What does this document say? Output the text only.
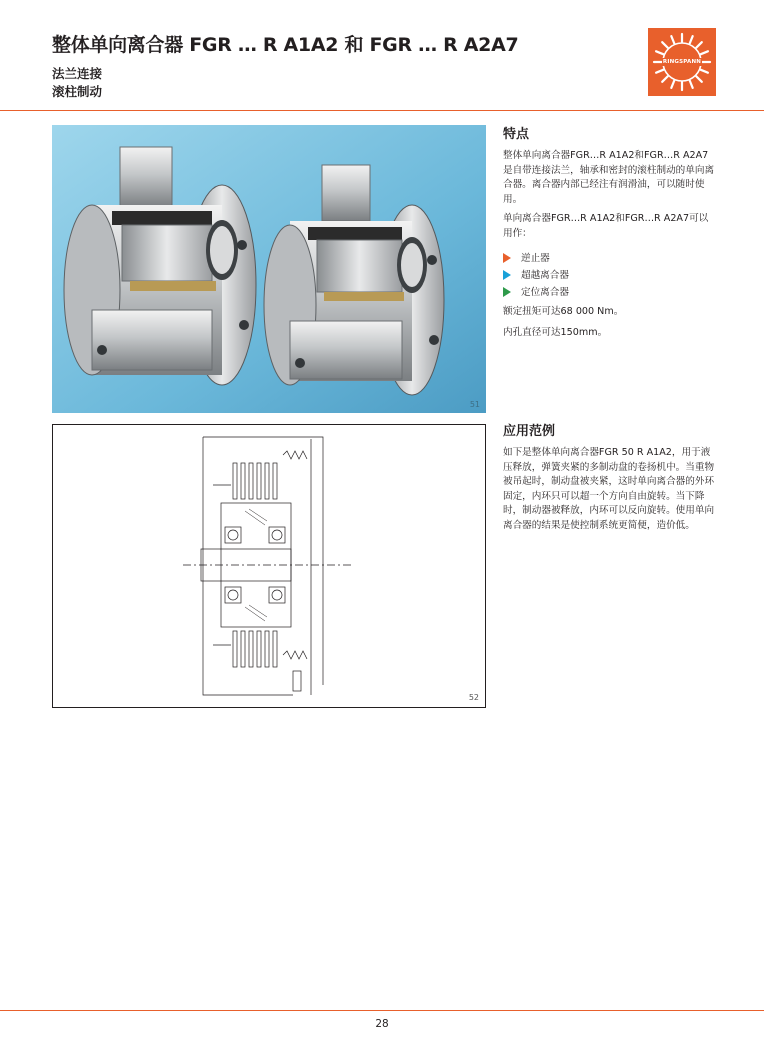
整体单向离合器 FGR … R A1A2 和 FGR … R A2A7
法兰连接
滚柱制动
RINGSPANN
51
52
特点
整体单向离合器FGR…R A1A2和FGR…R A2A7是自带连接法兰，轴承和密封的滚柱制动的单向离合器。离合器内部已经注有润滑油，可以随时使用。
单向离合器FGR…R A1A2和FGR…R A2A7可以用作：
逆止器
超越离合器
定位离合器
额定扭矩可达68 000 Nm。
内孔直径可达150mm。
应用范例
如下是整体单向离合器FGR 50 R A1A2，用于液压释放，弹簧夹紧的多制动盘的卷扬机中。当重物被吊起时，制动盘被夹紧，这时单向离合器的外环固定，内环只可以超一个方向自由旋转。当下降时，制动器被释放，内环可以反向旋转。使用单向离合器的结果是使控制系统更简便，造价低。
28
